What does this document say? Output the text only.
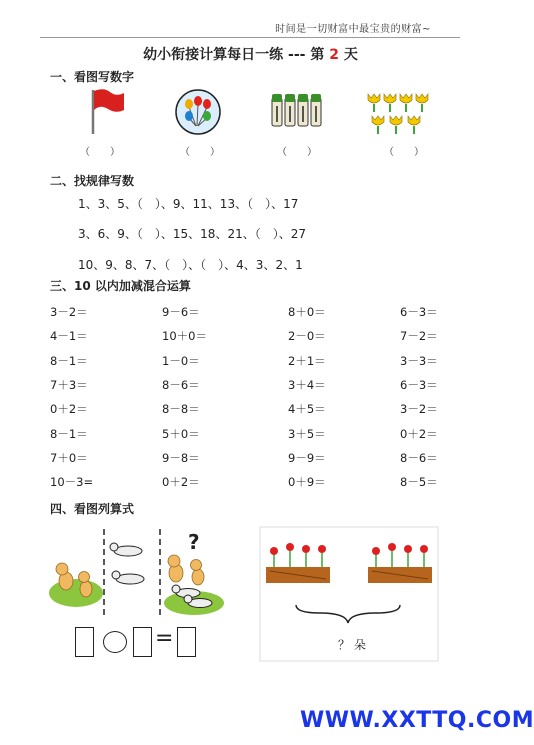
时间是一切财富中最宝贵的财富~
幼小衔接计算每日一练 --- 第 2 天
一、看图写数字
（　　）	（　　）	（　　）	（　　）
二、找规律写数
1、3、5、（　）、9、11、13、（　）、17
3、6、9、（　）、15、18、21、（　）、27
10、9、8、7、（　）、（　）、4、3、2、1
三、10 以内加减混合运算
3－2＝	9－6＝	8＋0＝	6－3＝
4－1＝	10＋0＝	2－0＝	7－2＝
8－1＝	1－0＝	2＋1＝	3－3＝
7＋3＝	8－6＝	3＋4＝	6－3＝
0＋2＝	8－8＝	4＋5＝	3－2＝
8－1＝	5＋0＝	3＋5＝	0＋2＝
7＋0＝	9－8＝	9－9＝	8－6＝
10－3=	0＋2＝	0＋9＝	8－5＝
四、看图列算式
?
=	？ 朵
WWW.XXTTQ.COM
